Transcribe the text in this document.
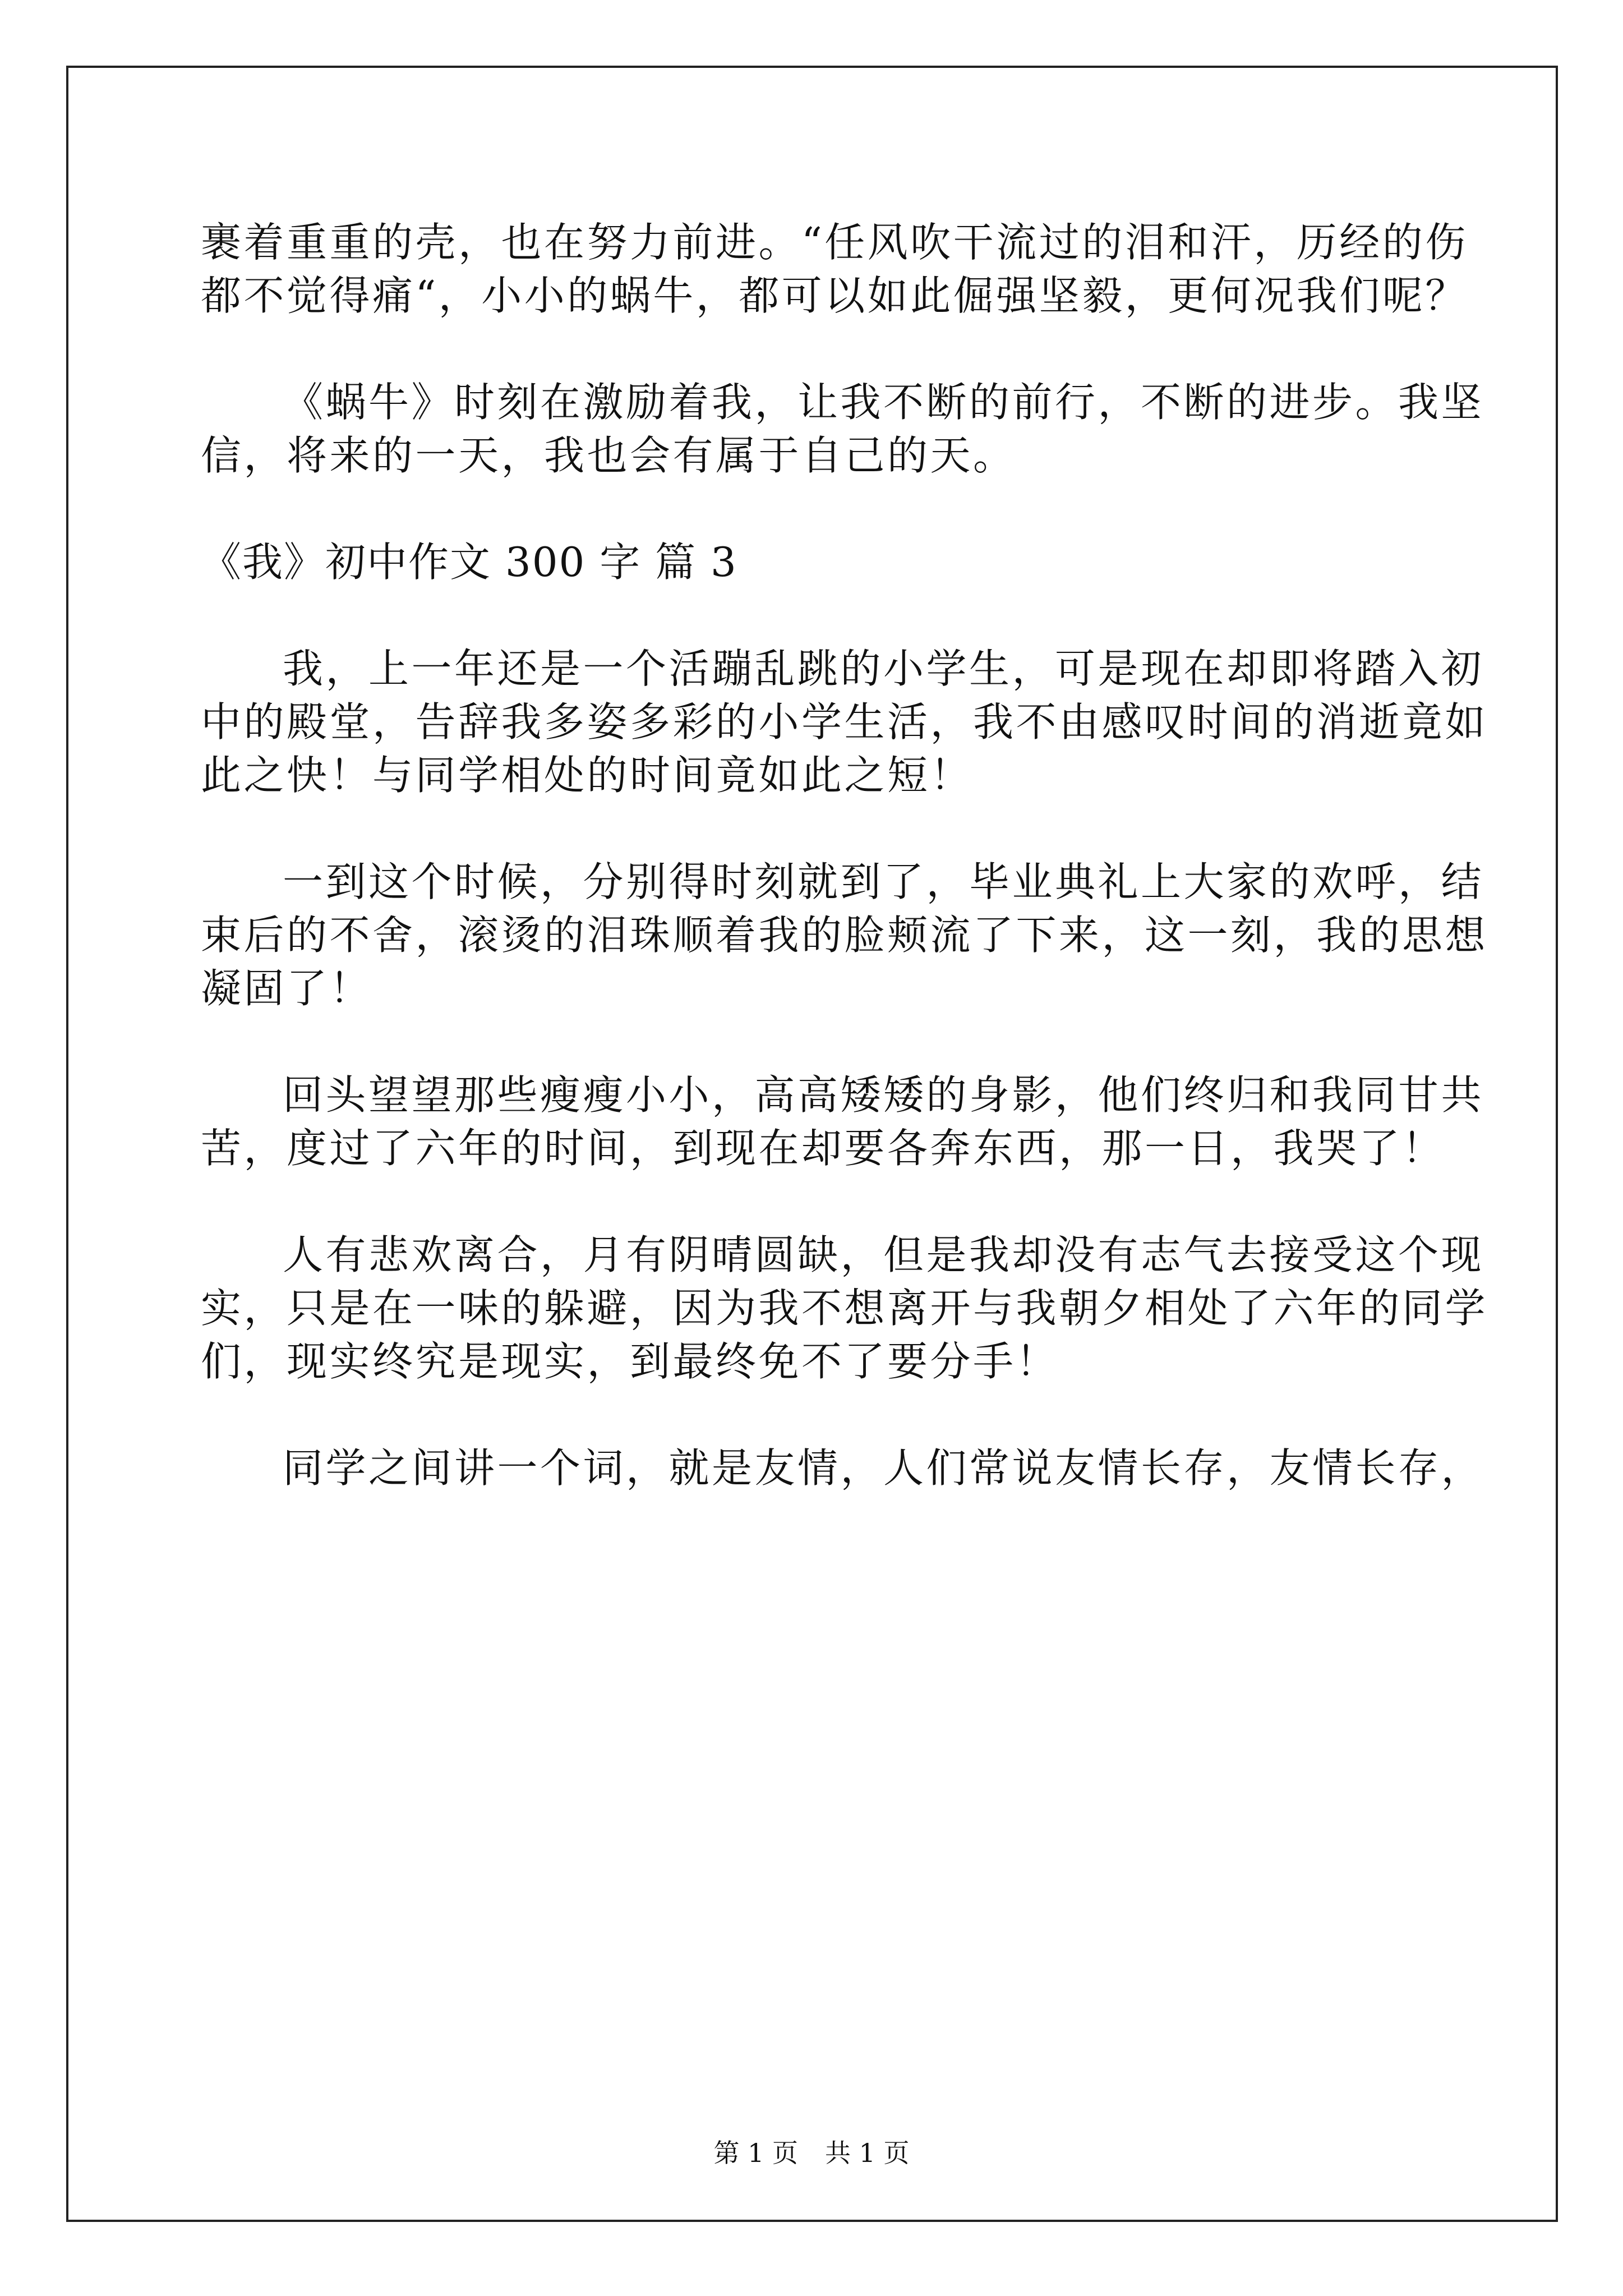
裹着重重的壳，也在努力前进。“任风吹干流过的泪和汗，历经的伤
都不觉得痛“，小小的蜗牛，都可以如此倔强坚毅，更何况我们呢？
《蜗牛》时刻在激励着我，让我不断的前行，不断的进步。我坚
信，将来的一天，我也会有属于自己的天。
《我》初中作文 300 字 篇 3
我，上一年还是一个活蹦乱跳的小学生，可是现在却即将踏入初
中的殿堂，告辞我多姿多彩的小学生活，我不由感叹时间的消逝竟如
此之快！与同学相处的时间竟如此之短！
一到这个时候，分别得时刻就到了，毕业典礼上大家的欢呼，结
束后的不舍，滚烫的泪珠顺着我的脸颊流了下来，这一刻，我的思想
凝固了！
回头望望那些瘦瘦小小，高高矮矮的身影，他们终归和我同甘共
苦，度过了六年的时间，到现在却要各奔东西，那一日，我哭了！
人有悲欢离合，月有阴晴圆缺，但是我却没有志气去接受这个现
实，只是在一味的躲避，因为我不想离开与我朝夕相处了六年的同学
们，现实终究是现实，到最终免不了要分手！
同学之间讲一个词，就是友情，人们常说友情长存，友情长存，
第 1 页 共 1 页
